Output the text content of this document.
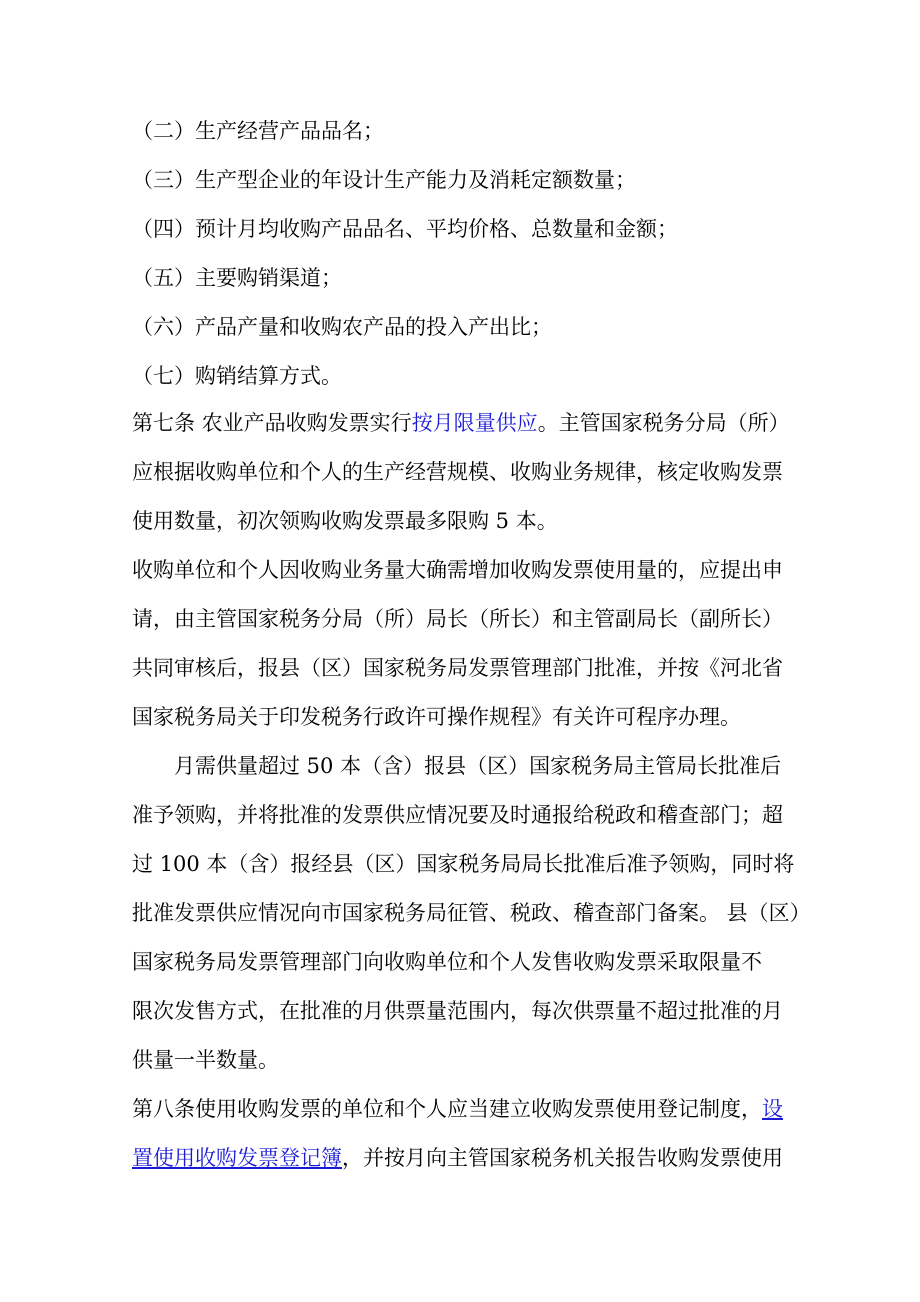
（二）生产经营产品品名；
（三）生产型企业的年设计生产能力及消耗定额数量；
（四）预计月均收购产品品名、平均价格、总数量和金额；
（五）主要购销渠道；
（六）产品产量和收购农产品的投入产出比；
（七）购销结算方式。
第七条 农业产品收购发票实行按月限量供应。主管国家税务分局（所）
应根据收购单位和个人的生产经营规模、收购业务规律，核定收购发票
使用数量，初次领购收购发票最多限购 5 本。
收购单位和个人因收购业务量大确需增加收购发票使用量的，应提出申
请，由主管国家税务分局（所）局长（所长）和主管副局长（副所长）
共同审核后，报县（区）国家税务局发票管理部门批准，并按《河北省
国家税务局关于印发税务行政许可操作规程》有关许可程序办理。
月需供量超过 50 本（含）报县（区）国家税务局主管局长批准后
准予领购，并将批准的发票供应情况要及时通报给税政和稽查部门；超
过 100 本（含）报经县（区）国家税务局局长批准后准予领购，同时将
批准发票供应情况向市国家税务局征管、税政、稽查部门备案。 县（区）
国家税务局发票管理部门向收购单位和个人发售收购发票采取限量不
限次发售方式，在批准的月供票量范围内，每次供票量不超过批准的月
供量一半数量。
第八条使用收购发票的单位和个人应当建立收购发票使用登记制度，设
置使用收购发票登记簿，并按月向主管国家税务机关报告收购发票使用
